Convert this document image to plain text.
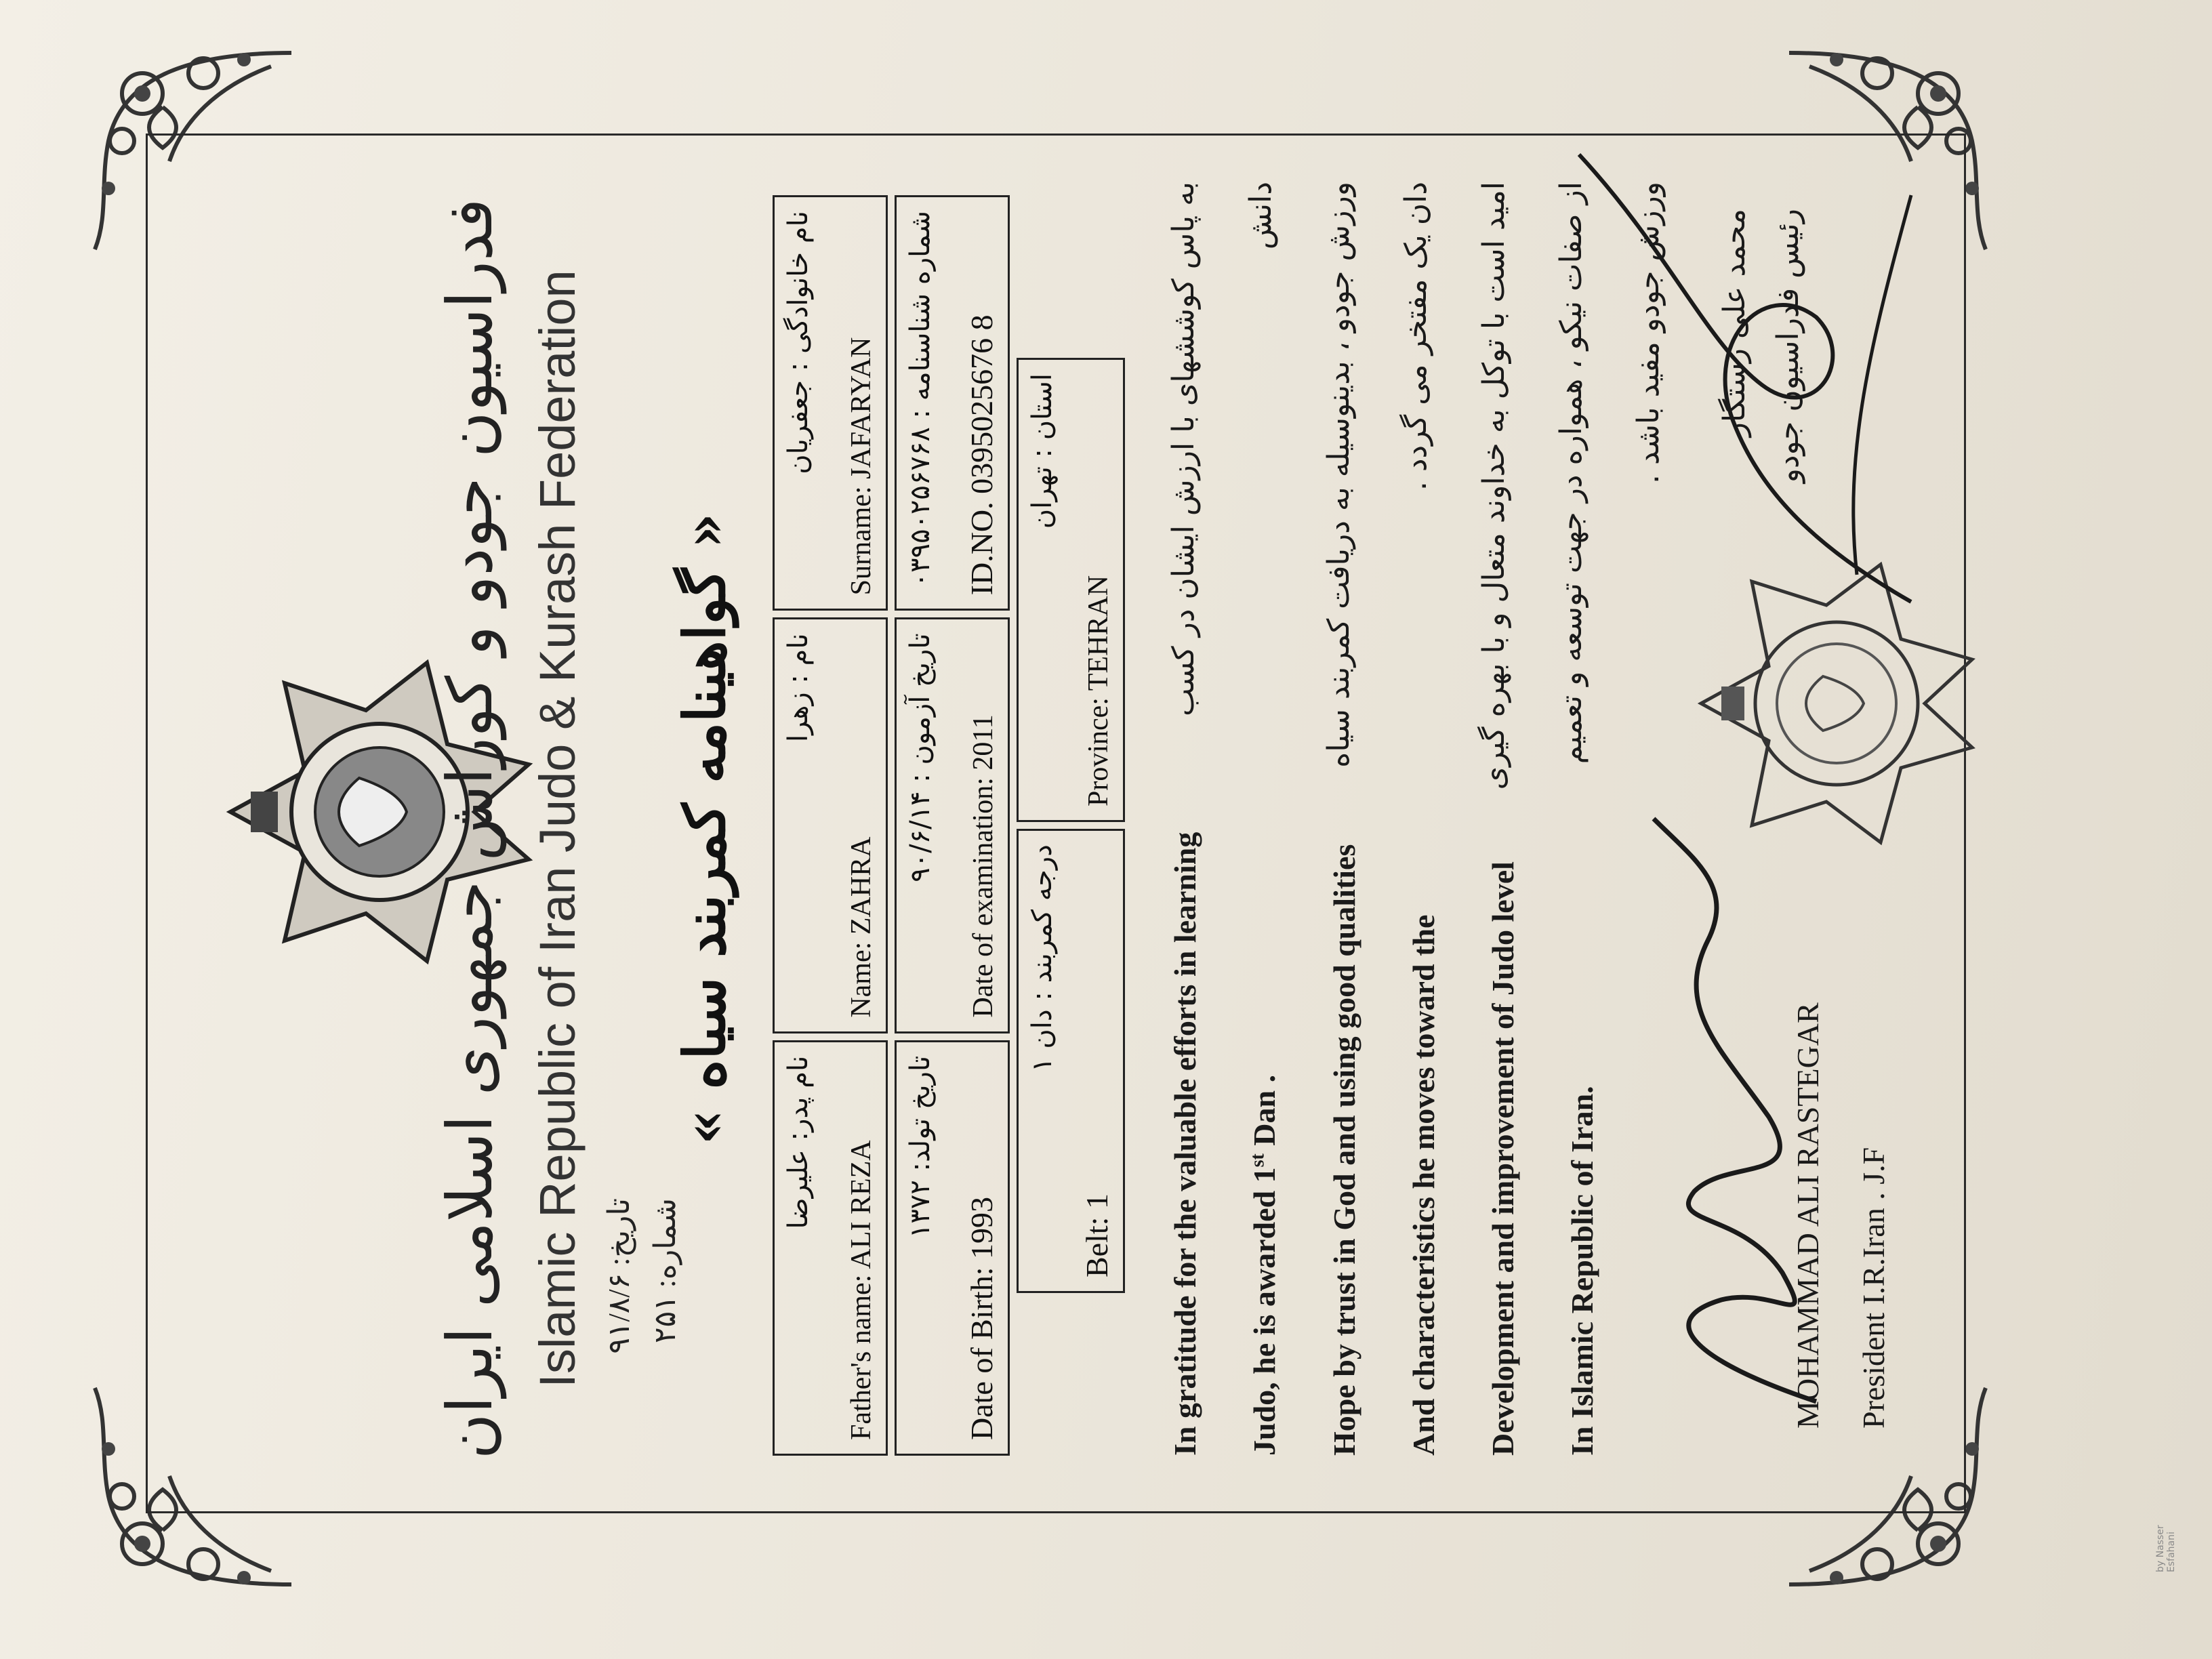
فدراسیون جودو و کوراش جمهوری اسلامی ایران Islamic Republic of Iran Judo & Kurash Federation تاریخ: ۹۱/۸/۶
شماره: ۲۵۱
« گواهینامه کمربند سیاه » نام پدر: علیرضا Father's name: ALI REZA
نام : زهرا
Name: ZAHRA
نام خانوادگی : جعفریان Surname: JAFARYAN
تاریخ تولد: ۱۳۷۲
Date of Birth: 1993
تاریخ آزمون : ۹۰/۶/۱۴
Date of examination: 2011
شماره شناسنامه : ۰۳۹۵۰۲۵۶۷۶۸ ID.NO. 0395025676 8
درجه کمربند : دان ۱
Belt: 1
استان : تهران
Province: TEHRAN
In gratitude for the valuable efforts in learning	Judo, he is awarded 1st Dan .	Hope by trust in God and using good qualities	And characteristics he moves toward the	Development and improvement of Judo level	In Islamic Republic of Iran.
به پاس کوششهای با ارزش ایشان در کسب دانش	ورزش جودو ، بدینوسیله به دریافت کمربند سیاه	دان یک مفتخر می گردد .	امید است با توکل به خداوند متعال و با بهره گیری	از صفات نیکو ، همواره در جهت توسعه و تعمیم	ورزش جودو مفید باشد .
MOHAMMAD ALI RASTEGAR President I.R.Iran . J.F
محمد علی رستگار رئیس فدراسیون جودو
by Nasser Esfahani
